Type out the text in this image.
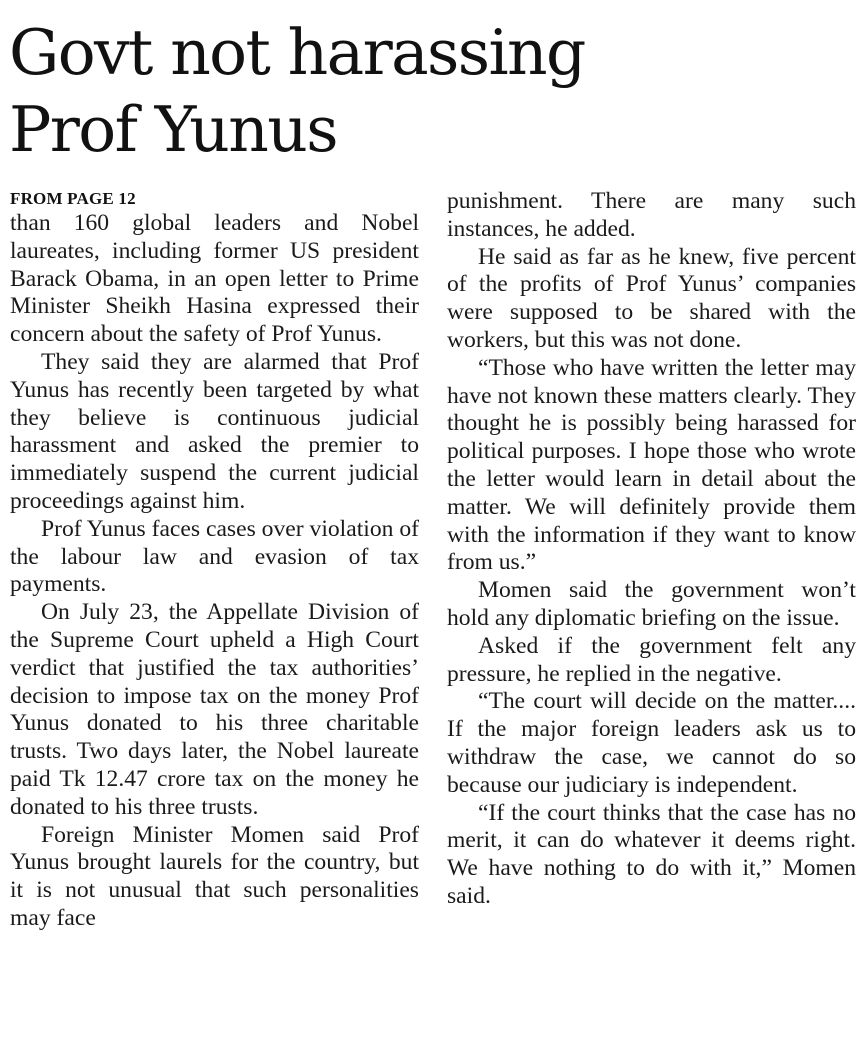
Govt not harassing
Prof Yunus
FROM PAGE 12

than 160 global leaders and Nobel laureates, including former US president Barack Obama, in an open letter to Prime Minister Sheikh Hasina expressed their concern about the safety of Prof Yunus.

They said they are alarmed that Prof Yunus has recently been targeted by what they believe is continuous judicial harassment and asked the premier to immediately suspend the current judicial proceedings against him.

Prof Yunus faces cases over violation of the labour law and evasion of tax payments.

On July 23, the Appellate Division of the Supreme Court upheld a High Court verdict that justified the tax authorities’ decision to impose tax on the money Prof Yunus donated to his three charitable trusts. Two days later, the Nobel laureate paid Tk 12.47 crore tax on the money he donated to his three trusts.

Foreign Minister Momen said Prof Yunus brought laurels for the country, but it is not unusual that such personalities may face

punishment. There are many such instances, he added.

He said as far as he knew, five percent of the profits of Prof Yunus’ companies were supposed to be shared with the workers, but this was not done.

“Those who have written the letter may have not known these matters clearly. They thought he is possibly being harassed for political purposes. I hope those who wrote the letter would learn in detail about the matter. We will definitely provide them with the information if they want to know from us.”

Momen said the government won’t hold any diplomatic briefing on the issue.

Asked if the government felt any pressure, he replied in the negative.

“The court will decide on the matter.... If the major foreign leaders ask us to withdraw the case, we cannot do so because our judiciary is independent.

“If the court thinks that the case has no merit, it can do whatever it deems right. We have nothing to do with it,” Momen said.
